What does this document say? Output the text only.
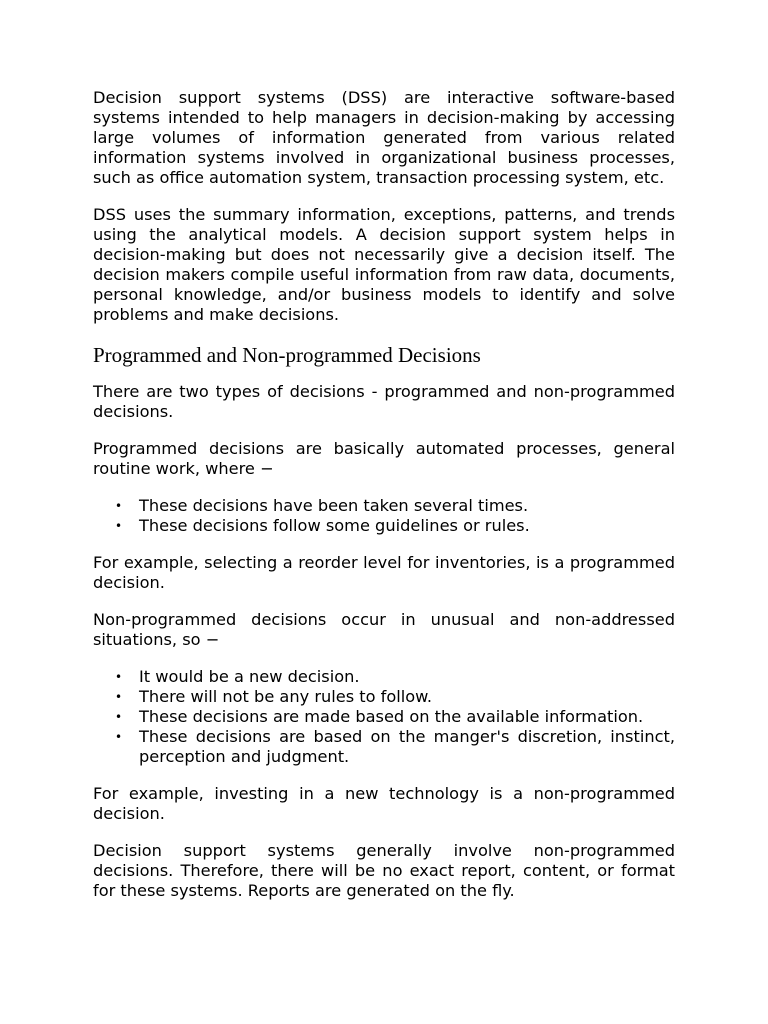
Decision support systems (DSS) are interactive software-based systems intended to help managers in decision-making by accessing large volumes of information generated from various related information systems involved in organizational business processes, such as office automation system, transaction processing system, etc.

DSS uses the summary information, exceptions, patterns, and trends using the analytical models. A decision support system helps in decision-making but does not necessarily give a decision itself. The decision makers compile useful information from raw data, documents, personal knowledge, and/or business models to identify and solve problems and make decisions.

Programmed and Non-programmed Decisions

There are two types of decisions - programmed and non-programmed decisions.

Programmed decisions are basically automated processes, general routine work, where −

• These decisions have been taken several times.
• These decisions follow some guidelines or rules.

For example, selecting a reorder level for inventories, is a programmed decision.

Non-programmed decisions occur in unusual and non-addressed situations, so −

• It would be a new decision.
• There will not be any rules to follow.
• These decisions are made based on the available information.
• These decisions are based on the manger's discretion, instinct, perception and judgment.

For example, investing in a new technology is a non-programmed decision.

Decision support systems generally involve non-programmed decisions. Therefore, there will be no exact report, content, or format for these systems. Reports are generated on the fly.
